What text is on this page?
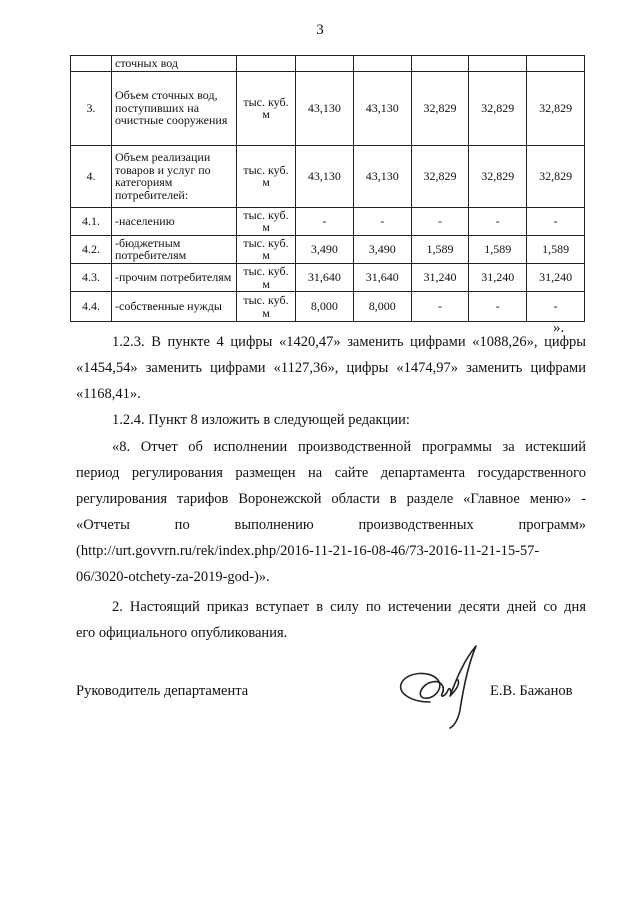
3
	сточных вод						
3.	Объем сточных вод, поступивших на очистные сооружения	тыс. куб. м	43,130	43,130	32,829	32,829	32,829
4.	Объем реализации товаров и услуг по категориям потребителей:	тыс. куб. м	43,130	43,130	32,829	32,829	32,829
4.1.	-населению	тыс. куб. м	-	-	-	-	-
4.2.	-бюджетным потребителям	тыс. куб. м	3,490	3,490	1,589	1,589	1,589
4.3.	-прочим потребителям	тыс. куб. м	31,640	31,640	31,240	31,240	31,240
4.4.	-собственные нужды	тыс. куб. м	8,000	8,000	-	-	-
».
1.2.3. В пункте 4 цифры «1420,47» заменить цифрами «1088,26», цифры
«1454,54» заменить цифрами «1127,36», цифры «1474,97» заменить цифрами
«1168,41».
1.2.4. Пункт 8 изложить в следующей редакции:
«8. Отчет об исполнении производственной программы за истекший
период регулирования размещен на сайте департамента государственного
регулирования тарифов Воронежской области в разделе «Главное меню» -
«Отчеты по выполнению производственных программ»
(http://urt.govvrn.ru/rek/index.php/2016-11-21-16-08-46/73-2016-11-21-15-57-
06/3020-otchety-za-2019-god-)».
2. Настоящий приказ вступает в силу по истечении десяти дней со дня
его официального опубликования.
Руководитель департамента	Е.В. Бажанов
